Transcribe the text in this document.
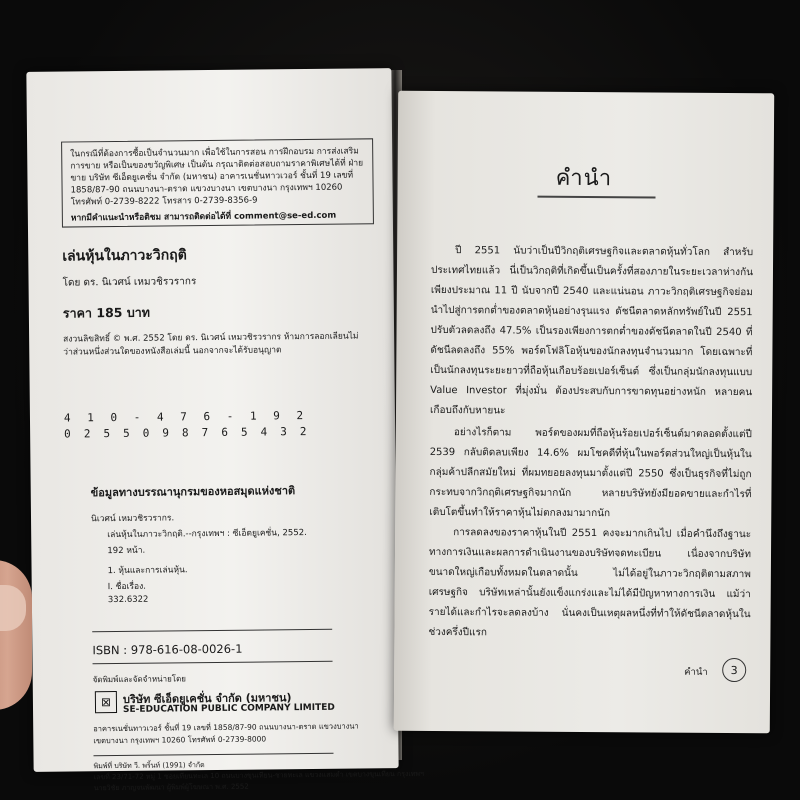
ในกรณีที่ต้องการซื้อเป็นจำนวนมาก เพื่อใช้ในการสอน การฝึกอบรม การส่งเสริมการขาย หรือเป็นของขวัญพิเศษ เป็นต้น กรุณาติดต่อสอบถามราคาพิเศษได้ที่ ฝ่ายขาย บริษัท ซีเอ็ดยูเคชั่น จำกัด (มหาชน) อาคารเนชั่นทาวเวอร์ ชั้นที่ 19 เลขที่ 1858/87-90 ถนนบางนา-ตราด แขวงบางนา เขตบางนา กรุงเทพฯ 10260 โทรศัพท์ 0-2739-8222 โทรสาร 0-2739-8356-9

หากมีคำแนะนำหรือติชม สามารถติดต่อได้ที่ comment@se-ed.com

เล่นหุ้นในภาวะวิกฤติ
โดย ดร. นิเวศน์ เหมวชิรวรากร
ราคา 185 บาท
สงวนลิขสิทธิ์ © พ.ศ. 2552 โดย ดร. นิเวศน์ เหมวชิรวรากร ห้ามการลอกเลียนไม่ว่าส่วนหนึ่งส่วนใดของหนังสือเล่มนี้ นอกจากจะได้รับอนุญาต
4 1 0 - 4 7 6 - 1 9 2
0 2 5 5 0 9 8 7 6 5 4 3 2
ข้อมูลทางบรรณานุกรมของหอสมุดแห่งชาติ
นิเวศน์ เหมวชิรวรากร.
เล่นหุ้นในภาวะวิกฤติ.--กรุงเทพฯ : ซีเอ็ดยูเคชั่น, 2552.
192 หน้า.
1. หุ้นและการเล่นหุ้น.
I. ชื่อเรื่อง.
332.6322
ISBN : 978-616-08-0026-1
จัดพิมพ์และจัดจำหน่ายโดย
⊠	บริษัท ซีเอ็ดยูเคชั่น จำกัด (มหาชน)
SE-EDUCATION PUBLIC COMPANY LIMITED
อาคารเนชั่นทาวเวอร์ ชั้นที่ 19 เลขที่ 1858/87-90 ถนนบางนา-ตราด แขวงบางนา
เขตบางนา กรุงเทพฯ 10260 โทรศัพท์ 0-2739-8000
พิมพ์ที่ บริษัท วี. พริ้นท์ (1991) จำกัด
เลขที่ 23/71-72 หมู่ 1 ซอยเทียนทะเล 10 ถนนบางขุนเทียน-ชายทะเล แขวงแสมดำ เขตบางขุนเทียน กรุงเทพฯ
นายวิชัย ภาญจนพัฒนา ผู้พิมพ์ผู้โฆษณา พ.ศ. 2552
คำนำ
ปี 2551 นับว่าเป็นปีวิกฤติเศรษฐกิจและตลาดหุ้นทั่วโลก สำหรับประเทศไทยแล้ว นี่เป็นวิกฤติที่เกิดขึ้นเป็นครั้งที่สองภายในระยะเวลาห่างกันเพียงประมาณ 11 ปี นับจากปี 2540 และแน่นอน ภาวะวิกฤติเศรษฐกิจย่อมนำไปสู่การตกต่ำของตลาดหุ้นอย่างรุนแรง ดัชนีตลาดหลักทรัพย์ในปี 2551 ปรับตัวลดลงถึง 47.5% เป็นรองเพียงการตกต่ำของดัชนีตลาดในปี 2540 ที่ดัชนีลดลงถึง 55% พอร์ตโฟลิโอหุ้นของนักลงทุนจำนวนมาก โดยเฉพาะที่เป็นนักลงทุนระยะยาวที่ถือหุ้นเกือบร้อยเปอร์เซ็นต์ ซึ่งเป็นกลุ่มนักลงทุนแบบ Value Investor ที่มุ่งมั่น ต้องประสบกับการขาดทุนอย่างหนัก หลายคนเกือบถึงกับหายนะ
อย่างไรก็ตาม พอร์ตของผมที่ถือหุ้นร้อยเปอร์เซ็นต์มาตลอดตั้งแต่ปี 2539 กลับติดลบเพียง 14.6% ผมโชคดีที่หุ้นในพอร์ตส่วนใหญ่เป็นหุ้นในกลุ่มค้าปลีกสมัยใหม่ ที่ผมทยอยลงทุนมาตั้งแต่ปี 2550 ซึ่งเป็นธุรกิจที่ไม่ถูกกระทบจากวิกฤติเศรษฐกิจมากนัก หลายบริษัทยังมียอดขายและกำไรที่เติบโตขึ้นทำให้ราคาหุ้นไม่ตกลงมามากนัก
การลดลงของราคาหุ้นในปี 2551 คงจะมากเกินไป เมื่อคำนึงถึงฐานะทางการเงินและผลการดำเนินงานของบริษัทจดทะเบียน เนื่องจากบริษัทขนาดใหญ่เกือบทั้งหมดในตลาดนั้น ไม่ได้อยู่ในภาวะวิกฤติตามสภาพเศรษฐกิจ บริษัทเหล่านั้นยังแข็งแกร่งและไม่ได้มีปัญหาทางการเงิน แม้ว่ารายได้และกำไรจะลดลงบ้าง นั่นคงเป็นเหตุผลหนึ่งที่ทำให้ดัชนีตลาดหุ้นในช่วงครึ่งปีแรก
คำนำ 3
